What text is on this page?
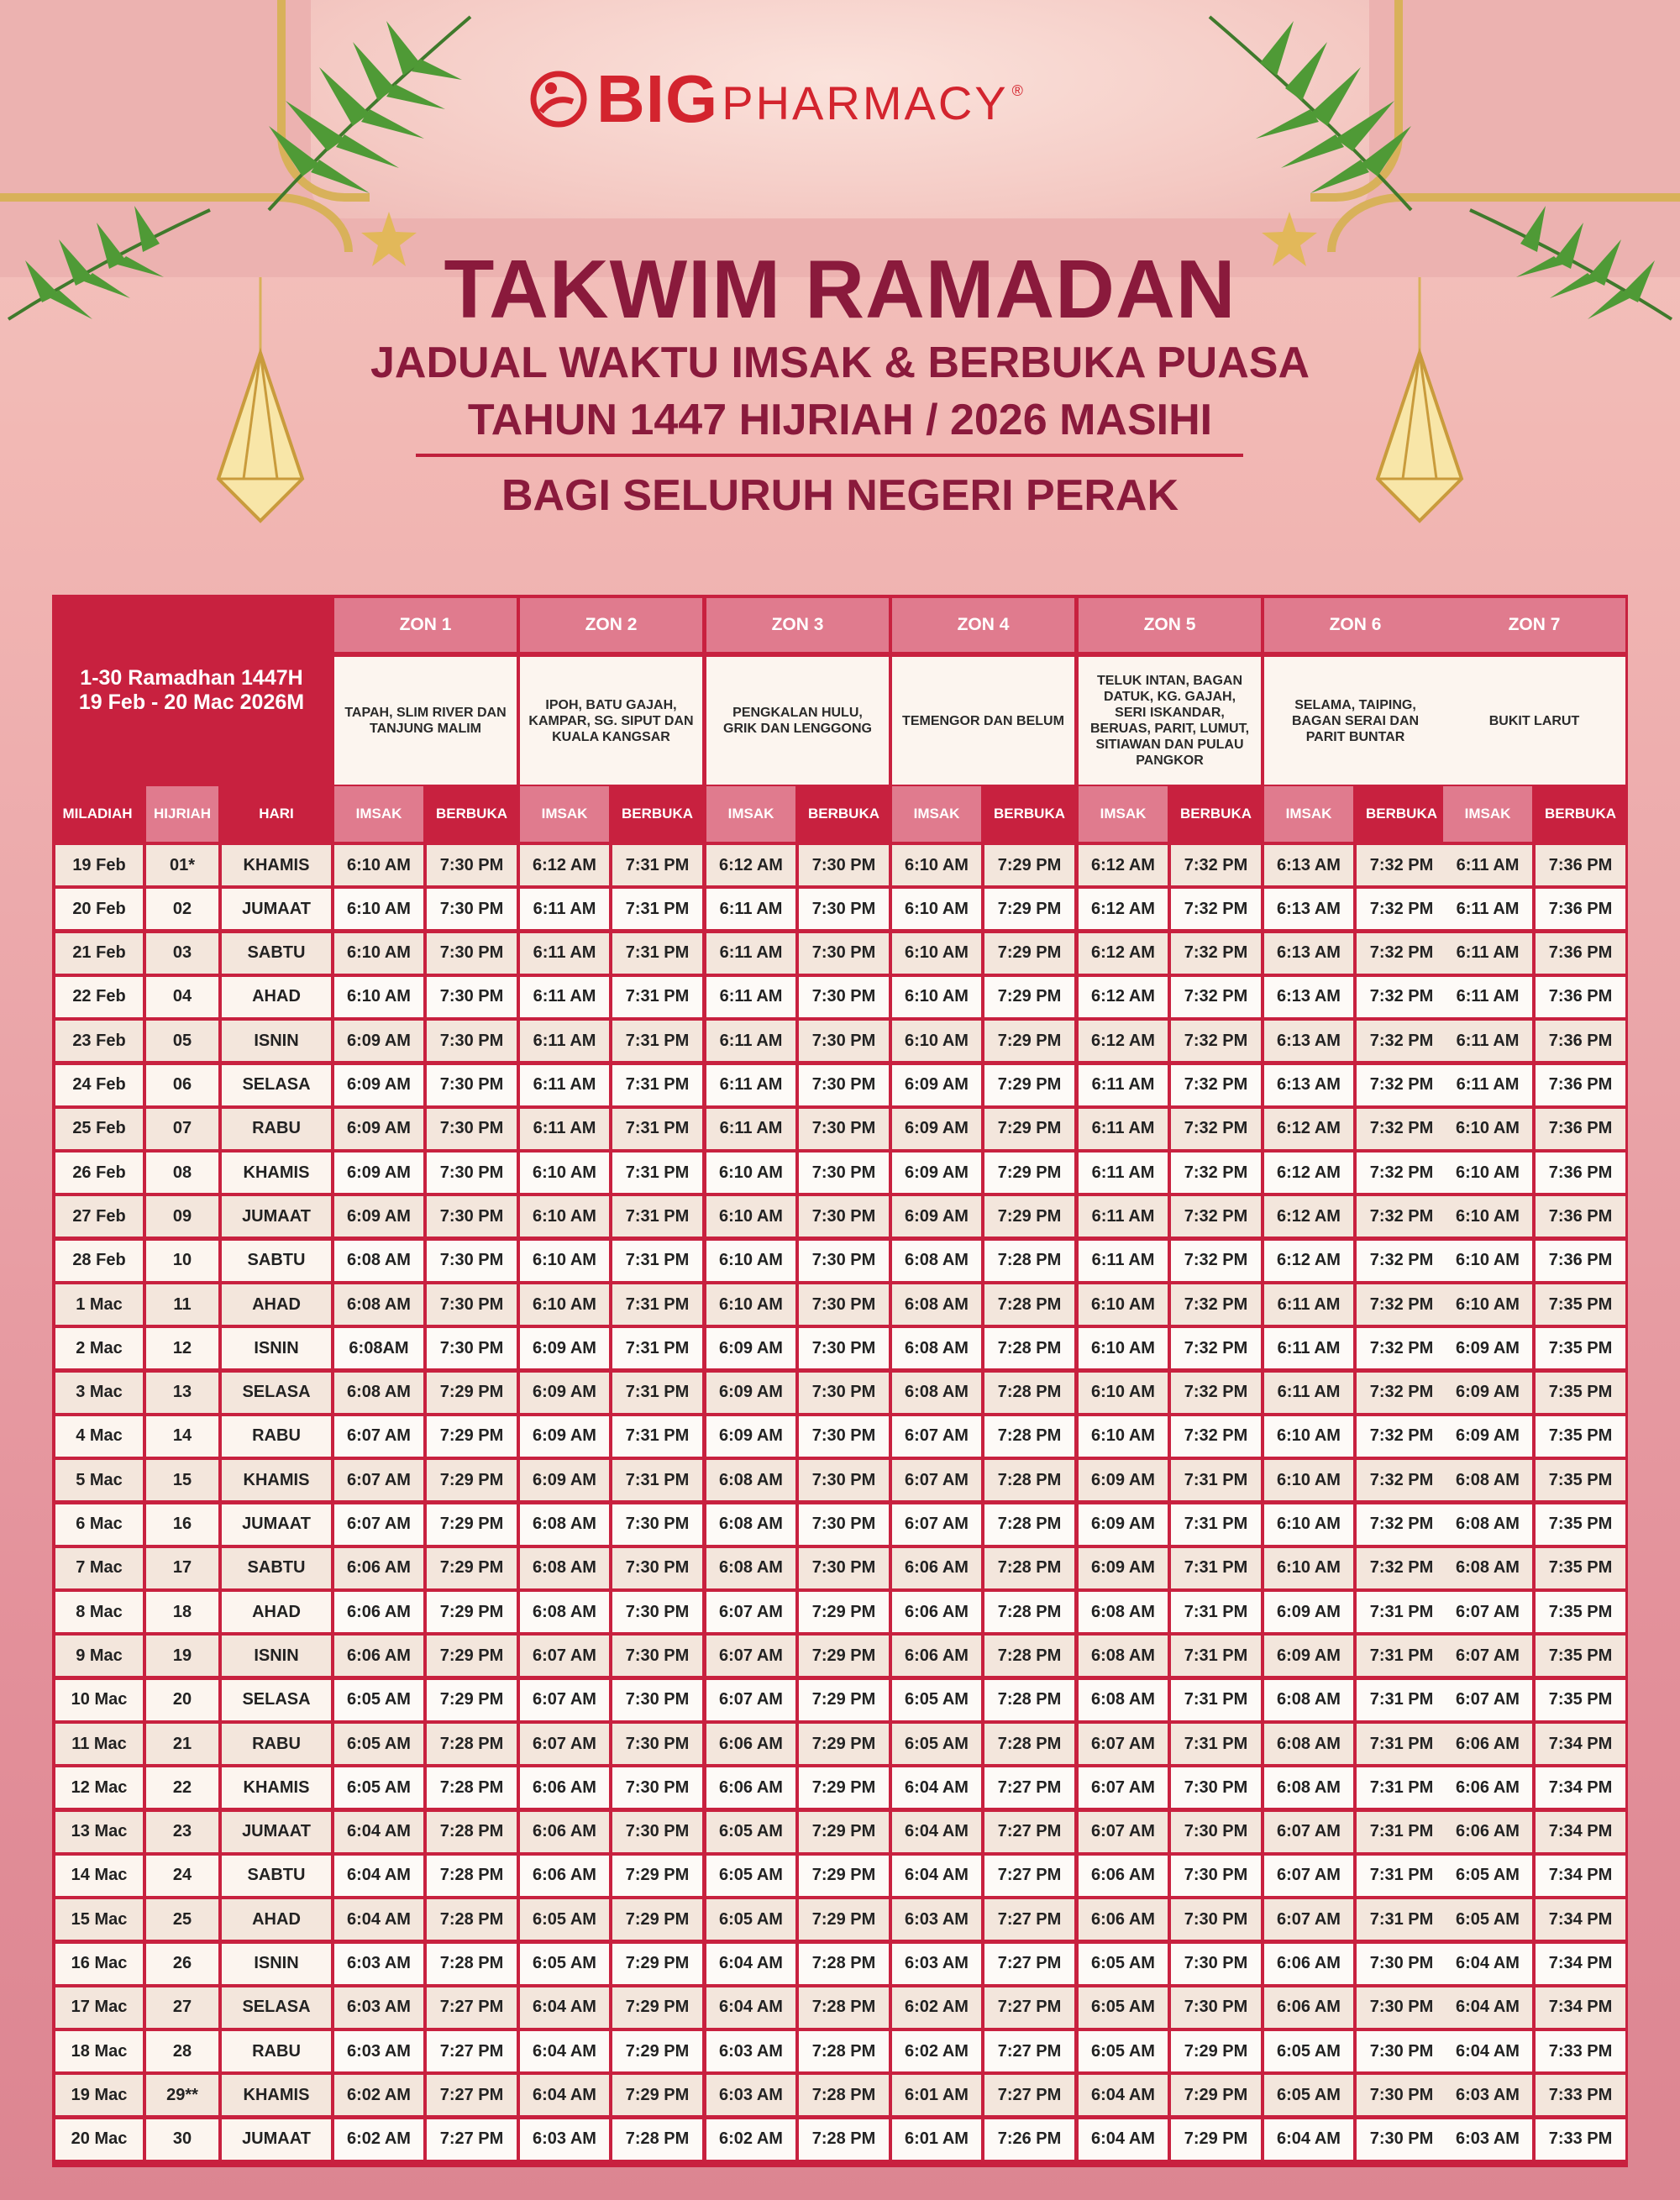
BIG PHARMACY ®
TAKWIM RAMADAN
JADUAL WAKTU IMSAK & BERBUKA PUASA
TAHUN 1447 HIJRIAH / 2026 MASIHI
BAGI SELURUH NEGERI PERAK
1-30 Ramadhan 1447H
19 Feb - 20 Mac 2026M
MILADIAH	HIJRIAH	HARI
ZON 1
TAPAH, SLIM RIVER DAN TANJUNG MALIM
ZON 2
IPOH, BATU GAJAH, KAMPAR, SG. SIPUT DAN KUALA KANGSAR
ZON 3
PENGKALAN HULU, GRIK DAN LENGGONG
ZON 4
TEMENGOR DAN BELUM
ZON 5
TELUK INTAN, BAGAN DATUK, KG. GAJAH, SERI ISKANDAR, BERUAS, PARIT, LUMUT, SITIAWAN DAN PULAU PANGKOR
ZON 6
SELAMA, TAIPING, BAGAN SERAI DAN PARIT BUNTAR
ZON 7
BUKIT LARUT
19 Feb	01*	KHAMIS	6:10 AM	7:30 PM	6:12 AM	7:31 PM	6:12 AM	7:30 PM	6:10 AM	7:29 PM	6:12 AM	7:32 PM	6:13 AM	7:32 PM	6:11 AM	7:36 PM
20 Feb	02	JUMAAT	6:10 AM	7:30 PM	6:11 AM	7:31 PM	6:11 AM	7:30 PM	6:10 AM	7:29 PM	6:12 AM	7:32 PM	6:13 AM	7:32 PM	6:11 AM	7:36 PM
21 Feb	03	SABTU	6:10 AM	7:30 PM	6:11 AM	7:31 PM	6:11 AM	7:30 PM	6:10 AM	7:29 PM	6:12 AM	7:32 PM	6:13 AM	7:32 PM	6:11 AM	7:36 PM
22 Feb	04	AHAD	6:10 AM	7:30 PM	6:11 AM	7:31 PM	6:11 AM	7:30 PM	6:10 AM	7:29 PM	6:12 AM	7:32 PM	6:13 AM	7:32 PM	6:11 AM	7:36 PM
23 Feb	05	ISNIN	6:09 AM	7:30 PM	6:11 AM	7:31 PM	6:11 AM	7:30 PM	6:10 AM	7:29 PM	6:12 AM	7:32 PM	6:13 AM	7:32 PM	6:11 AM	7:36 PM
24 Feb	06	SELASA	6:09 AM	7:30 PM	6:11 AM	7:31 PM	6:11 AM	7:30 PM	6:09 AM	7:29 PM	6:11 AM	7:32 PM	6:13 AM	7:32 PM	6:11 AM	7:36 PM
25 Feb	07	RABU	6:09 AM	7:30 PM	6:11 AM	7:31 PM	6:11 AM	7:30 PM	6:09 AM	7:29 PM	6:11 AM	7:32 PM	6:12 AM	7:32 PM	6:10 AM	7:36 PM
26 Feb	08	KHAMIS	6:09 AM	7:30 PM	6:10 AM	7:31 PM	6:10 AM	7:30 PM	6:09 AM	7:29 PM	6:11 AM	7:32 PM	6:12 AM	7:32 PM	6:10 AM	7:36 PM
27 Feb	09	JUMAAT	6:09 AM	7:30 PM	6:10 AM	7:31 PM	6:10 AM	7:30 PM	6:09 AM	7:29 PM	6:11 AM	7:32 PM	6:12 AM	7:32 PM	6:10 AM	7:36 PM
28 Feb	10	SABTU	6:08 AM	7:30 PM	6:10 AM	7:31 PM	6:10 AM	7:30 PM	6:08 AM	7:28 PM	6:11 AM	7:32 PM	6:12 AM	7:32 PM	6:10 AM	7:36 PM
1 Mac	11	AHAD	6:08 AM	7:30 PM	6:10 AM	7:31 PM	6:10 AM	7:30 PM	6:08 AM	7:28 PM	6:10 AM	7:32 PM	6:11 AM	7:32 PM	6:10 AM	7:35 PM
2 Mac	12	ISNIN	6:08AM	7:30 PM	6:09 AM	7:31 PM	6:09 AM	7:30 PM	6:08 AM	7:28 PM	6:10 AM	7:32 PM	6:11 AM	7:32 PM	6:09 AM	7:35 PM
3 Mac	13	SELASA	6:08 AM	7:29 PM	6:09 AM	7:31 PM	6:09 AM	7:30 PM	6:08 AM	7:28 PM	6:10 AM	7:32 PM	6:11 AM	7:32 PM	6:09 AM	7:35 PM
4 Mac	14	RABU	6:07 AM	7:29 PM	6:09 AM	7:31 PM	6:09 AM	7:30 PM	6:07 AM	7:28 PM	6:10 AM	7:32 PM	6:10 AM	7:32 PM	6:09 AM	7:35 PM
5 Mac	15	KHAMIS	6:07 AM	7:29 PM	6:09 AM	7:31 PM	6:08 AM	7:30 PM	6:07 AM	7:28 PM	6:09 AM	7:31 PM	6:10 AM	7:32 PM	6:08 AM	7:35 PM
6 Mac	16	JUMAAT	6:07 AM	7:29 PM	6:08 AM	7:30 PM	6:08 AM	7:30 PM	6:07 AM	7:28 PM	6:09 AM	7:31 PM	6:10 AM	7:32 PM	6:08 AM	7:35 PM
7 Mac	17	SABTU	6:06 AM	7:29 PM	6:08 AM	7:30 PM	6:08 AM	7:30 PM	6:06 AM	7:28 PM	6:09 AM	7:31 PM	6:10 AM	7:32 PM	6:08 AM	7:35 PM
8 Mac	18	AHAD	6:06 AM	7:29 PM	6:08 AM	7:30 PM	6:07 AM	7:29 PM	6:06 AM	7:28 PM	6:08 AM	7:31 PM	6:09 AM	7:31 PM	6:07 AM	7:35 PM
9 Mac	19	ISNIN	6:06 AM	7:29 PM	6:07 AM	7:30 PM	6:07 AM	7:29 PM	6:06 AM	7:28 PM	6:08 AM	7:31 PM	6:09 AM	7:31 PM	6:07 AM	7:35 PM
10 Mac	20	SELASA	6:05 AM	7:29 PM	6:07 AM	7:30 PM	6:07 AM	7:29 PM	6:05 AM	7:28 PM	6:08 AM	7:31 PM	6:08 AM	7:31 PM	6:07 AM	7:35 PM
11 Mac	21	RABU	6:05 AM	7:28 PM	6:07 AM	7:30 PM	6:06 AM	7:29 PM	6:05 AM	7:28 PM	6:07 AM	7:31 PM	6:08 AM	7:31 PM	6:06 AM	7:34 PM
12 Mac	22	KHAMIS	6:05 AM	7:28 PM	6:06 AM	7:30 PM	6:06 AM	7:29 PM	6:04 AM	7:27 PM	6:07 AM	7:30 PM	6:08 AM	7:31 PM	6:06 AM	7:34 PM
13 Mac	23	JUMAAT	6:04 AM	7:28 PM	6:06 AM	7:30 PM	6:05 AM	7:29 PM	6:04 AM	7:27 PM	6:07 AM	7:30 PM	6:07 AM	7:31 PM	6:06 AM	7:34 PM
14 Mac	24	SABTU	6:04 AM	7:28 PM	6:06 AM	7:29 PM	6:05 AM	7:29 PM	6:04 AM	7:27 PM	6:06 AM	7:30 PM	6:07 AM	7:31 PM	6:05 AM	7:34 PM
15 Mac	25	AHAD	6:04 AM	7:28 PM	6:05 AM	7:29 PM	6:05 AM	7:29 PM	6:03 AM	7:27 PM	6:06 AM	7:30 PM	6:07 AM	7:31 PM	6:05 AM	7:34 PM
16 Mac	26	ISNIN	6:03 AM	7:28 PM	6:05 AM	7:29 PM	6:04 AM	7:28 PM	6:03 AM	7:27 PM	6:05 AM	7:30 PM	6:06 AM	7:30 PM	6:04 AM	7:34 PM
17 Mac	27	SELASA	6:03 AM	7:27 PM	6:04 AM	7:29 PM	6:04 AM	7:28 PM	6:02 AM	7:27 PM	6:05 AM	7:30 PM	6:06 AM	7:30 PM	6:04 AM	7:34 PM
18 Mac	28	RABU	6:03 AM	7:27 PM	6:04 AM	7:29 PM	6:03 AM	7:28 PM	6:02 AM	7:27 PM	6:05 AM	7:29 PM	6:05 AM	7:30 PM	6:04 AM	7:33 PM
19 Mac	29**	KHAMIS	6:02 AM	7:27 PM	6:04 AM	7:29 PM	6:03 AM	7:28 PM	6:01 AM	7:27 PM	6:04 AM	7:29 PM	6:05 AM	7:30 PM	6:03 AM	7:33 PM
20 Mac	30	JUMAAT	6:02 AM	7:27 PM	6:03 AM	7:28 PM	6:02 AM	7:28 PM	6:01 AM	7:26 PM	6:04 AM	7:29 PM	6:04 AM	7:30 PM	6:03 AM	7:33 PM
IMSAK	BERBUKA	IMSAK	BERBUKA	IMSAK	BERBUKA	IMSAK	BERBUKA	IMSAK	BERBUKA	IMSAK	BERBUKA	IMSAK	BERBUKA
